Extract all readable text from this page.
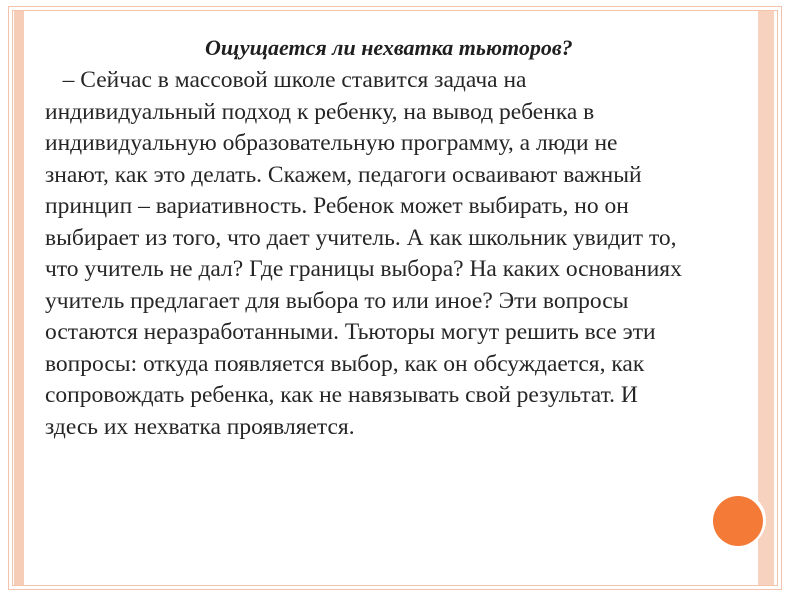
Ощущается ли нехватка тьюторов?

– Сейчас в массовой школе ставится задача на
индивидуальный подход к ребенку, на вывод ребенка в
индивидуальную образовательную программу, а люди не
знают, как это делать. Скажем, педагоги осваивают важный
принцип – вариативность. Ребенок может выбирать, но он
выбирает из того, что дает учитель. А как школьник увидит то,
что учитель не дал? Где границы выбора? На каких основаниях
учитель предлагает для выбора то или иное? Эти вопросы
остаются неразработанными. Тьюторы могут решить все эти
вопросы: откуда появляется выбор, как он обсуждается, как
сопровождать ребенка, как не навязывать свой результат. И
здесь их нехватка проявляется.
